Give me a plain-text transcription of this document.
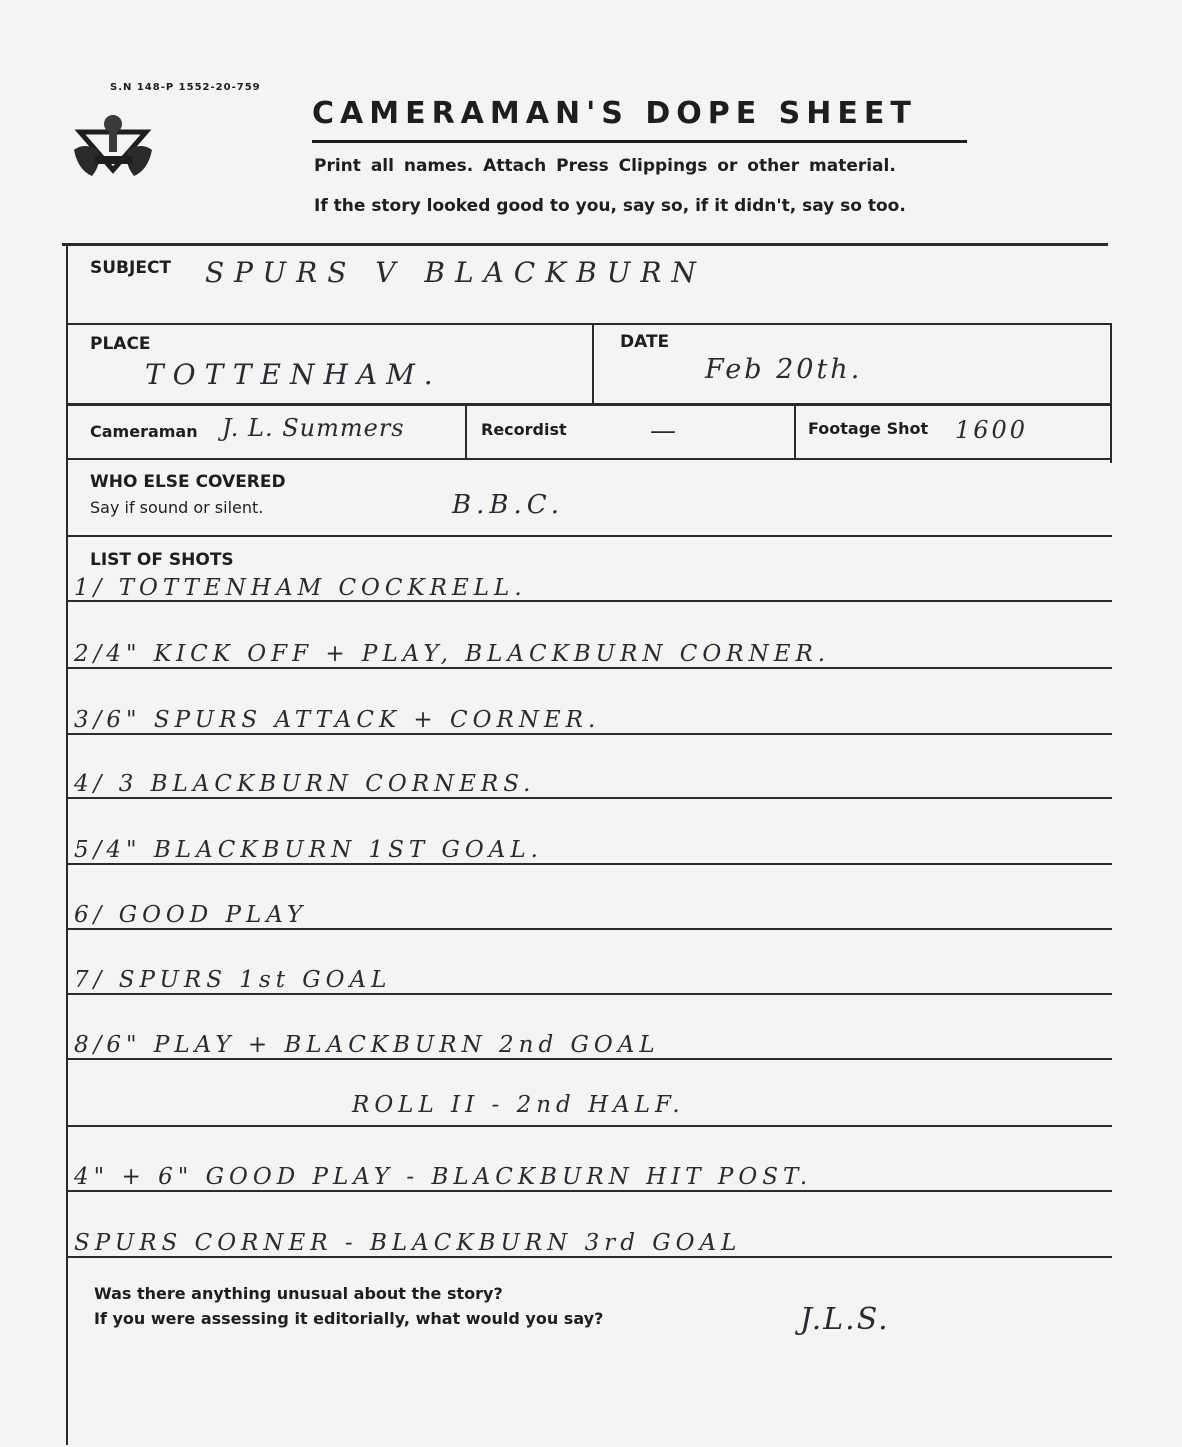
S.N 148-P 1552-20-759
CAMERAMAN'S DOPE SHEET
Print all names. Attach Press Clippings or other material.
If the story looked good to you, say so, if it didn't, say so too.
SUBJECT SPURS V BLACKBURN
PLACE
TOTTENHAM.
DATE
Feb 20th.
Cameraman J. L. Summers	Recordist	—	Footage Shot 1600
WHO ELSE COVERED
Say if sound or silent.	B.B.C.
LIST OF SHOTS
1/ TOTTENHAM COCKRELL.
2/4" KICK OFF + PLAY, BLACKBURN CORNER.
3/6" SPURS ATTACK + CORNER.
4/ 3 BLACKBURN CORNERS.
5/4" BLACKBURN 1ST GOAL.
6/ GOOD PLAY
7/ SPURS 1st GOAL
8/6" PLAY + BLACKBURN 2nd GOAL
ROLL II - 2nd HALF.
4" + 6" GOOD PLAY - BLACKBURN HIT POST.
SPURS CORNER - BLACKBURN 3rd GOAL
Was there anything unusual about the story?
If you were assessing it editorially, what would you say?	J.L.S.
